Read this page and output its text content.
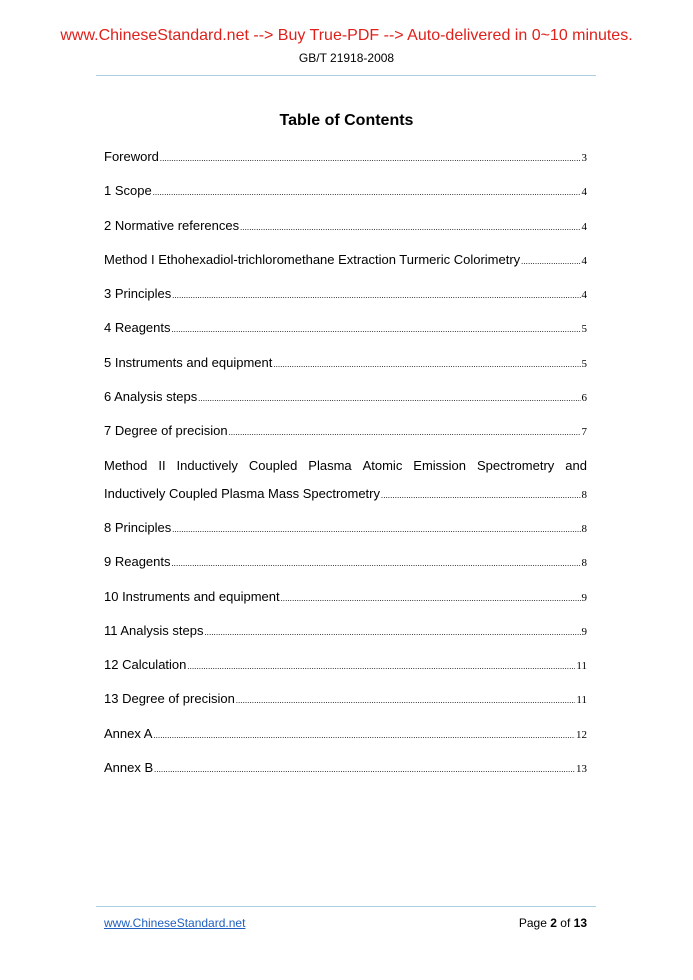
www.ChineseStandard.net --> Buy True-PDF --> Auto-delivered in 0~10 minutes.
GB/T 21918-2008
Table of Contents
Foreword .....	3
1 Scope .....	4
2 Normative references .....	4
Method I Ethohexadiol-trichloromethane Extraction Turmeric Colorimetry .....	4
3 Principles .....	4
4 Reagents .....	5
5 Instruments and equipment .....	5
6 Analysis steps .....	6
7 Degree of precision .....	7
Method II Inductively Coupled Plasma Atomic Emission Spectrometry and
Inductively Coupled Plasma Mass Spectrometry .....	8
8 Principles .....	8
9 Reagents .....	8
10 Instruments and equipment .....	9
11 Analysis steps .....	9
12 Calculation .....	11
13 Degree of precision .....	11
Annex A .....	12
Annex B .....	13
www.ChineseStandard.net	Page 2 of 13
